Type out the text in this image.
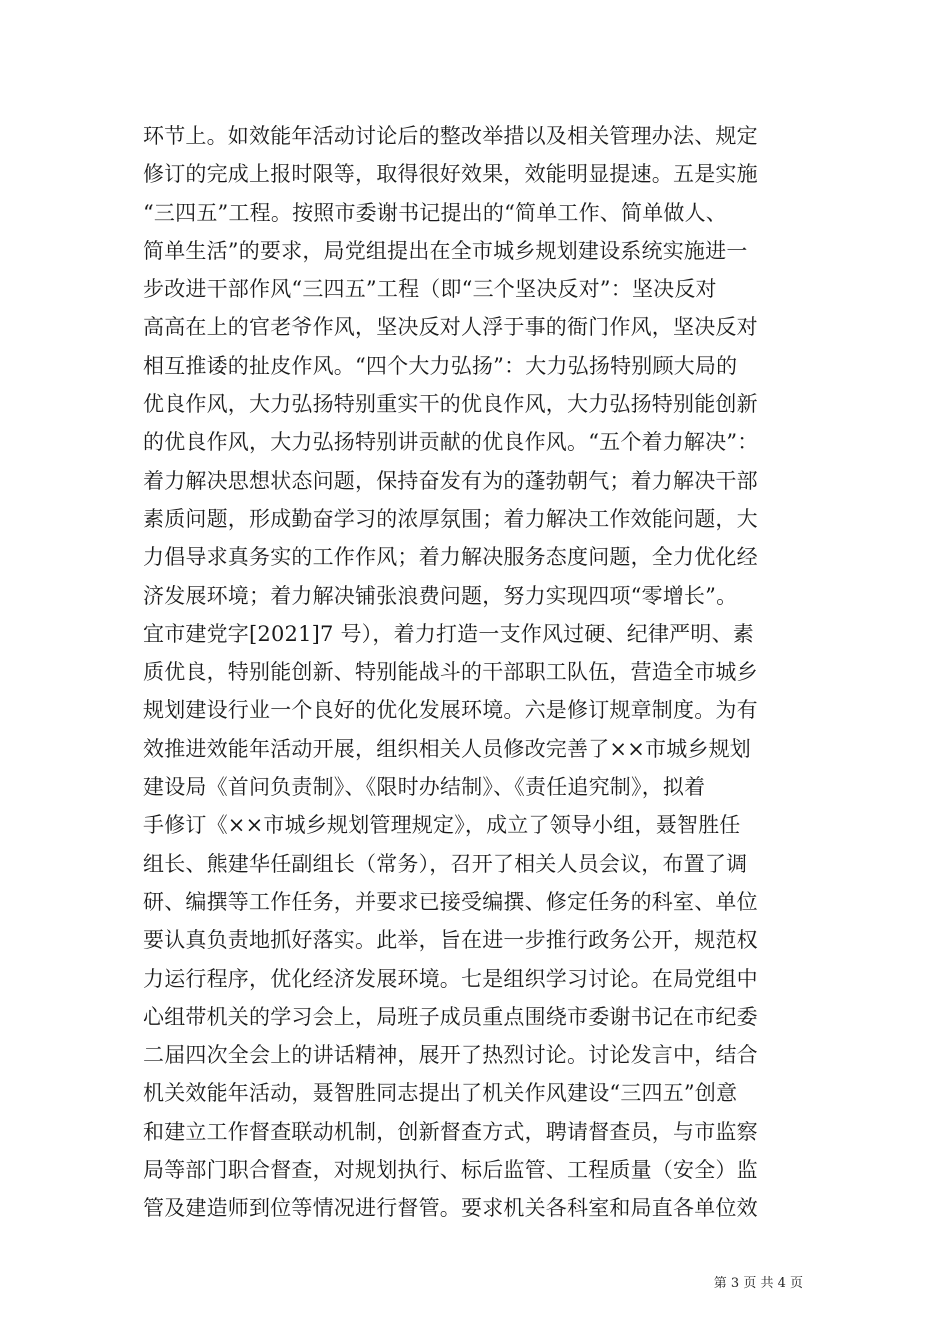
环节上。如效能年活动讨论后的整改举措以及相关管理办法、规定
修订的完成上报时限等，取得很好效果，效能明显提速。五是实施
“三四五”工程。按照市委谢书记提出的“简单工作、简单做人、
简单生活”的要求，局党组提出在全市城乡规划建设系统实施进一
步改进干部作风“三四五”工程（即“三个坚决反对”：坚决反对
高高在上的官老爷作风，坚决反对人浮于事的衙门作风，坚决反对
相互推诿的扯皮作风。“四个大力弘扬”：大力弘扬特别顾大局的
优良作风，大力弘扬特别重实干的优良作风，大力弘扬特别能创新
的优良作风，大力弘扬特别讲贡献的优良作风。“五个着力解决”：
着力解决思想状态问题，保持奋发有为的蓬勃朝气；着力解决干部
素质问题，形成勤奋学习的浓厚氛围；着力解决工作效能问题，大
力倡导求真务实的工作作风；着力解决服务态度问题，全力优化经
济发展环境；着力解决铺张浪费问题，努力实现四项“零增长”。
宜市建党字[2021]7 号），着力打造一支作风过硬、纪律严明、素
质优良，特别能创新、特别能战斗的干部职工队伍，营造全市城乡
规划建设行业一个良好的优化发展环境。六是修订规章制度。为有
效推进效能年活动开展，组织相关人员修改完善了××市城乡规划
建设局《首问负责制》、《限时办结制》、《责任追究制》，拟着
手修订《××市城乡规划管理规定》，成立了领导小组，聂智胜任
组长、熊建华任副组长（常务），召开了相关人员会议，布置了调
研、编撰等工作任务，并要求已接受编撰、修定任务的科室、单位
要认真负责地抓好落实。此举，旨在进一步推行政务公开，规范权
力运行程序，优化经济发展环境。七是组织学习讨论。在局党组中
心组带机关的学习会上，局班子成员重点围绕市委谢书记在市纪委
二届四次全会上的讲话精神，展开了热烈讨论。讨论发言中，结合
机关效能年活动，聂智胜同志提出了机关作风建设“三四五”创意
和建立工作督查联动机制，创新督查方式，聘请督查员，与市监察
局等部门职合督查，对规划执行、标后监管、工程质量（安全）监
管及建造师到位等情况进行督管。要求机关各科室和局直各单位效
第 3 页 共 4 页
